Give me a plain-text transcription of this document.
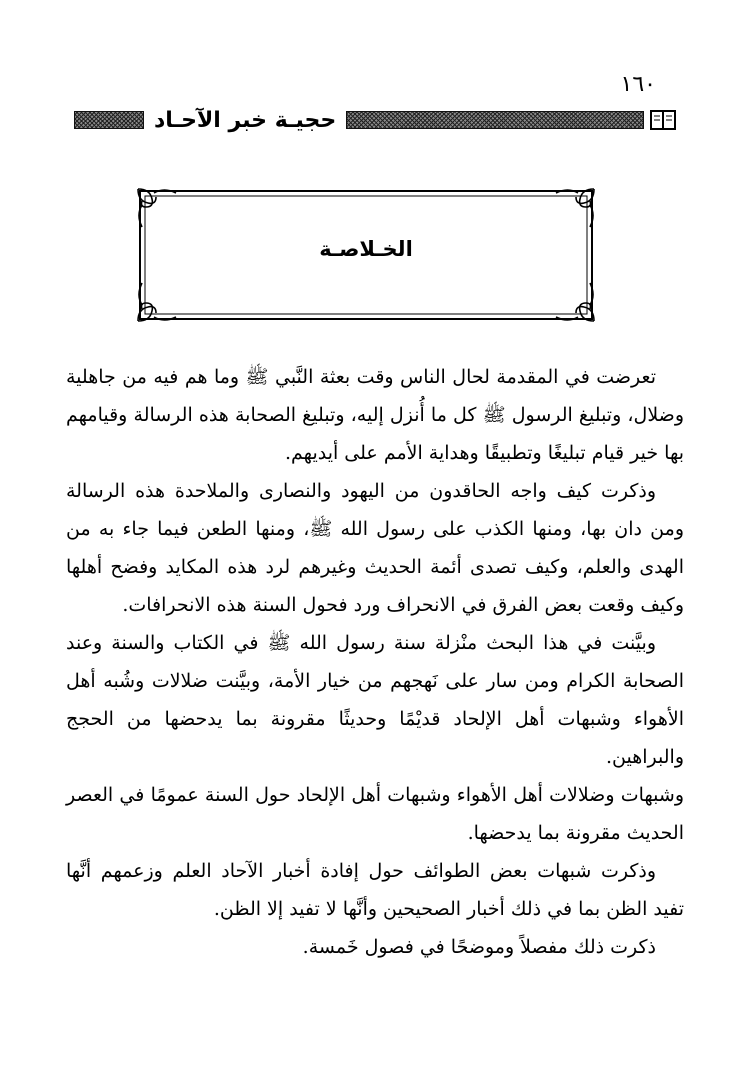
١٦٠
حجيـة خبر الآحـاد
الخـلاصـة

تعرضت في المقدمة لحال الناس وقت بعثة النَّبي ﷺ وما هم فيه من جاهلية وضلال، وتبليغ الرسول ﷺ كل ما أُنزل إليه، وتبليغ الصحابة هذه الرسالة وقيامهم بها خير قيام تبليغًا وتطبيقًا وهداية الأمم على أيديهم.

وذكرت كيف واجه الحاقدون من اليهود والنصارى والملاحدة هذه الرسالة ومن دان بها، ومنها الكذب على رسول الله ﷺ، ومنها الطعن فيما جاء به من الهدى والعلم، وكيف تصدى أئمة الحديث وغيرهم لرد هذه المكايد وفضح أهلها وكيف وقعت بعض الفرق في الانحراف ورد فحول السنة هذه الانحرافات.

وبيَّنت في هذا البحث منْزلة سنة رسول الله ﷺ في الكتاب والسنة وعند الصحابة الكرام ومن سار على نَهجهم من خيار الأمة، وبيَّنت ضلالات وشُبه أهل الأهواء وشبهات أهل الإلحاد قديْمًا وحديثًا مقرونة بما يدحضها من الحجج والبراهين.

وشبهات وضلالات أهل الأهواء وشبهات أهل الإلحاد حول السنة عمومًا في العصر الحديث مقرونة بما يدحضها.

وذكرت شبهات بعض الطوائف حول إفادة أخبار الآحاد العلم وزعمهم أنَّها تفيد الظن بما في ذلك أخبار الصحيحين وأنَّها لا تفيد إلا الظن.

ذكرت ذلك مفصلاً وموضحًا في فصول خَمسة.
